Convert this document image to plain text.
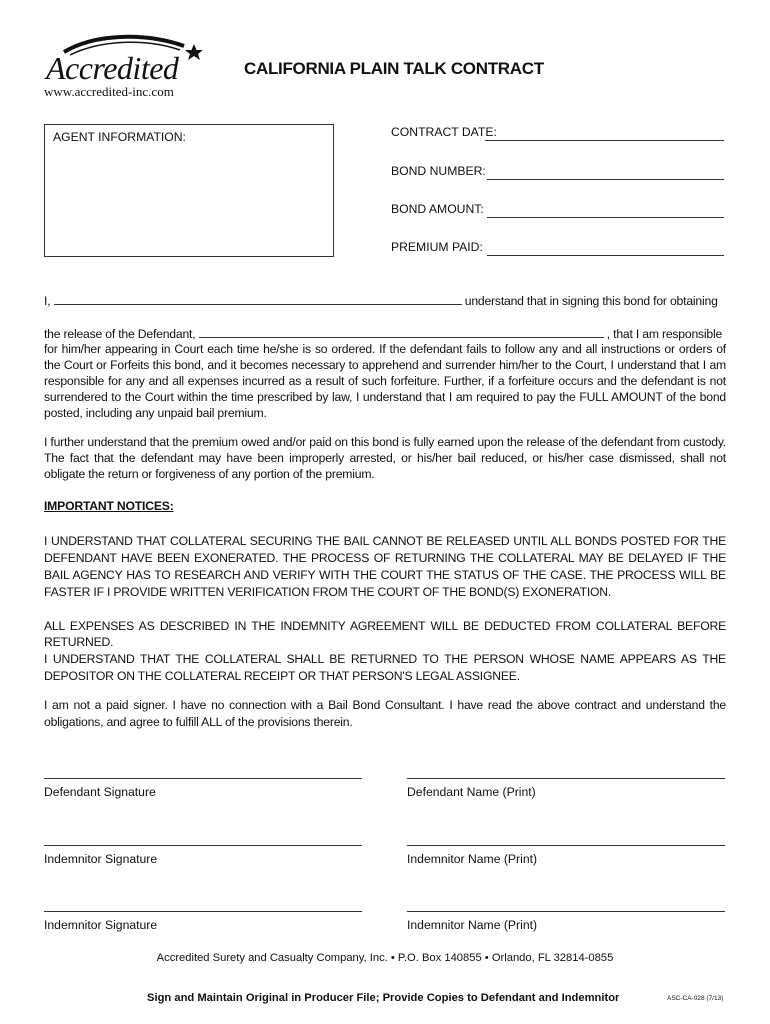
Accredited
www.accredited-inc.com
CALIFORNIA PLAIN TALK CONTRACT
AGENT INFORMATION:	CONTRACT DATE:
BOND NUMBER:
BOND AMOUNT:
PREMIUM PAID:
I,	understand that in signing this bond for obtaining
the release of the Defendant,	, that I am responsible
for him/her appearing in Court each time he/she is so ordered. If the defendant fails to follow any and all instructions or orders of the Court or Forfeits this bond, and it becomes necessary to apprehend and surrender him/her to the Court, I understand that I am responsible for any and all expenses incurred as a result of such forfeiture. Further, if a forfeiture occurs and the defendant is not surrendered to the Court within the time prescribed by law, I understand that I am required to pay the FULL AMOUNT of the bond posted, including any unpaid bail premium.
I further understand that the premium owed and/or paid on this bond is fully earned upon the release of the defendant from custody. The fact that the defendant may have been improperly arrested, or his/her bail reduced, or his/her case dismissed, shall not obligate the return or forgiveness of any portion of the premium.
IMPORTANT NOTICES:
I UNDERSTAND THAT COLLATERAL SECURING THE BAIL CANNOT BE RELEASED UNTIL ALL BONDS POSTED FOR THE DEFENDANT HAVE BEEN EXONERATED. THE PROCESS OF RETURNING THE COLLATERAL MAY BE DELAYED IF THE BAIL AGENCY HAS TO RESEARCH AND VERIFY WITH THE COURT THE STATUS OF THE CASE. THE PROCESS WILL BE FASTER IF I PROVIDE WRITTEN VERIFICATION FROM THE COURT OF THE BOND(S) EXONERATION.
ALL EXPENSES AS DESCRIBED IN THE INDEMNITY AGREEMENT WILL BE DEDUCTED FROM COLLATERAL BEFORE RETURNED.
I UNDERSTAND THAT THE COLLATERAL SHALL BE RETURNED TO THE PERSON WHOSE NAME APPEARS AS THE DEPOSITOR ON THE COLLATERAL RECEIPT OR THAT PERSON'S LEGAL ASSIGNEE.
I am not a paid signer. I have no connection with a Bail Bond Consultant. I have read the above contract and understand the obligations, and agree to fulfill ALL of the provisions therein.
Defendant Signature	Defendant Name (Print)
Indemnitor Signature	Indemnitor Name (Print)
Indemnitor Signature	Indemnitor Name (Print)
Accredited Surety and Casualty Company, Inc. • P.O. Box 140855 • Orlando, FL 32814-0855
Sign and Maintain Original in Producer File; Provide Copies to Defendant and Indemnitor	ASC-CA-028 (7/13)
